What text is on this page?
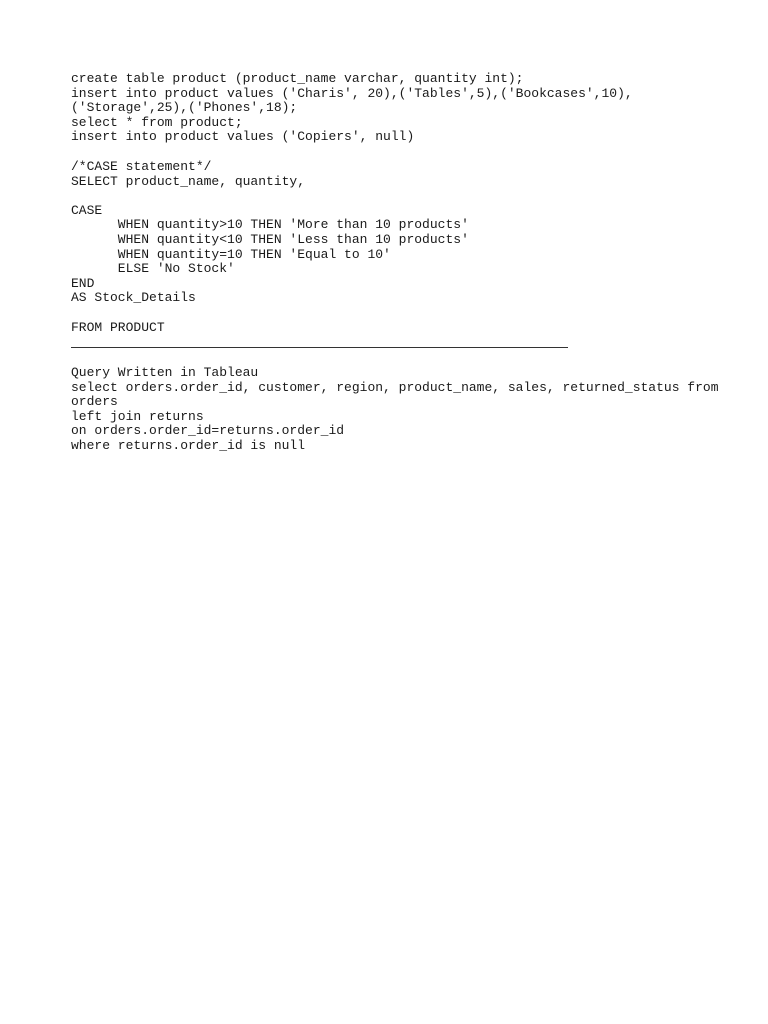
create table product (product_name varchar, quantity int);
insert into product values ('Charis', 20),('Tables',5),('Bookcases',10),
('Storage',25),('Phones',18);
select * from product;
insert into product values ('Copiers', null)
/*CASE statement*/
SELECT product_name, quantity,

CASE
WHEN quantity>10 THEN 'More than 10 products'
WHEN quantity<10 THEN 'Less than 10 products'
WHEN quantity=10 THEN 'Equal to 10'
ELSE 'No Stock'
END
AS Stock_Details
FROM PRODUCT
Query Written in Tableau
select orders.order_id, customer, region, product_name, sales, returned_status from
orders
left join returns
on orders.order_id=returns.order_id
where returns.order_id is null
